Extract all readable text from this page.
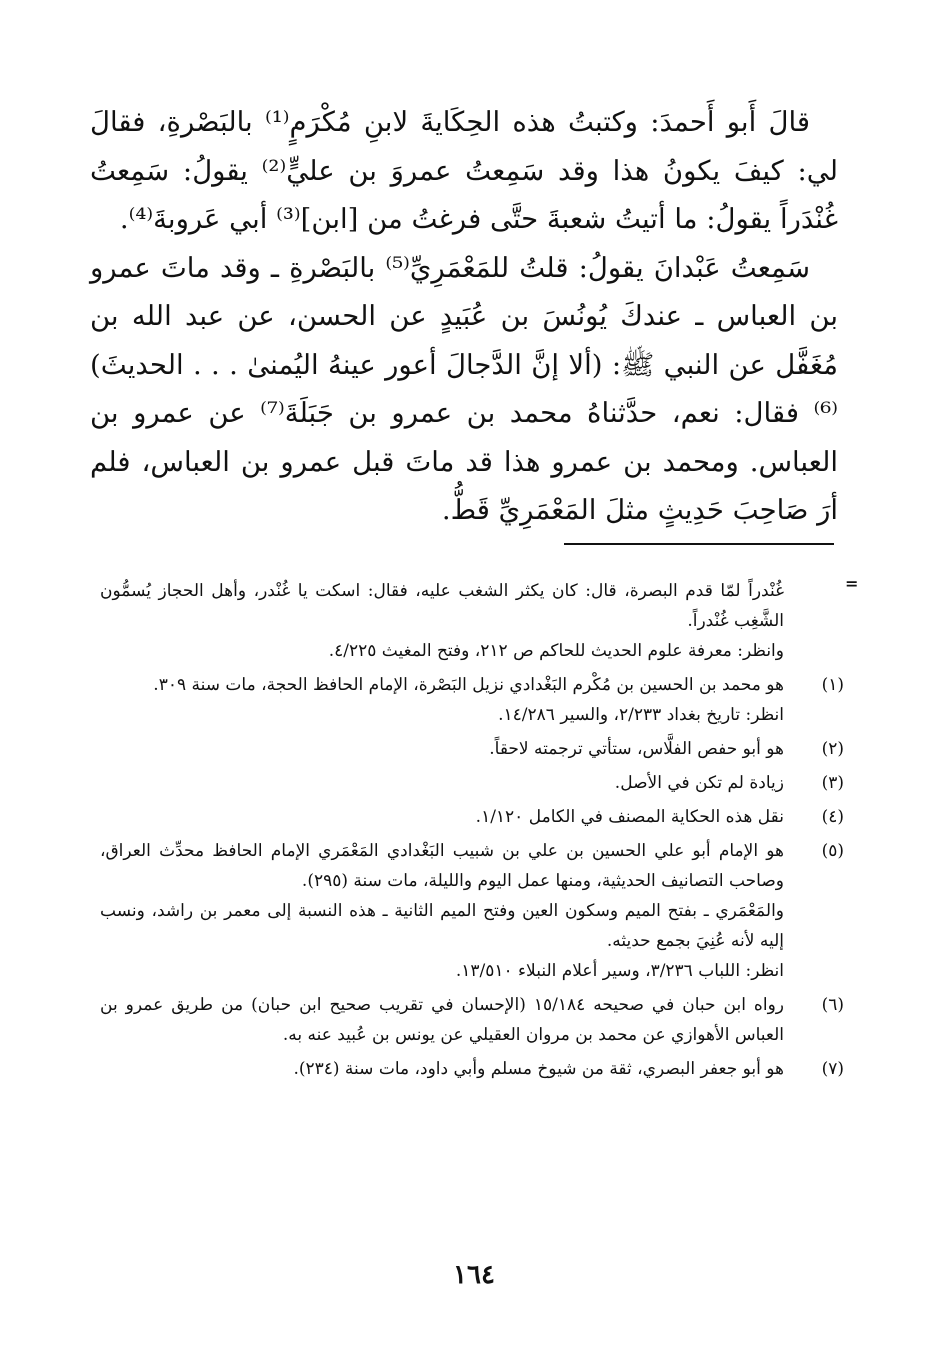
قالَ أَبو أَحمدَ: وكتبتُ هذه الحِكَايةَ لابنِ مُكْرَمٍ⁽¹⁾ بالبَصْرةِ، فقالَ لي: كيفَ يكونُ هذا وقد سَمِعتُ عمروَ بن عليٍّ⁽²⁾ يقولُ: سَمِعتُ غُنْدَراً يقولُ: ما أتيتُ شعبةَ حتَّى فرغتُ من [ابن]⁽³⁾ أبي عَروبةَ⁽⁴⁾.

سَمِعتُ عَبْدانَ يقولُ: قلتُ للمَعْمَرِيِّ⁽⁵⁾ بالبَصْرةِ ـ وقد ماتَ عمرو بن العباس ـ عندكَ يُونُسَ بن عُبَيدٍ عن الحسن، عن عبد الله بن مُغَفَّل عن النبي ﷺ: (ألا إنَّ الدَّجالَ أعور عينهُ اليُمنىٰ . . . الحديثَ)⁽⁶⁾ فقال: نعم، حدَّثناهُ محمد بن عمرو بن جَبَلَةَ⁽⁷⁾ عن عمرو بن العباس. ومحمد بن عمرو هذا قد ماتَ قبل عمرو بن العباس، فلم أرَ صَاحِبَ حَدِيثٍ مثلَ المَعْمَرِيِّ قَطُّ.

=
غُنْدراً لمّا قدم البصرة، قال: كان يكثر الشغب عليه، فقال: اسكت يا غُنْدر، وأهل الحجاز يُسمُّون الشَّغِب غُنْدراً.
وانظر: معرفة علوم الحديث للحاكم ص ٢١٢، وفتح المغيث ٤/٢٢٥.
(١)
هو محمد بن الحسين بن مُكْرم البَغْدادي نزيل البَصْرة، الإمام الحافظ الحجة، مات سنة ٣٠٩.
انظر: تاريخ بغداد ٢/٢٣٣، والسير ١٤/٢٨٦.
(٢)
هو أبو حفص الفلَّاس، ستأتي ترجمته لاحقاً.
(٣)
زيادة لم تكن في الأصل.
(٤)
نقل هذه الحكاية المصنف في الكامل ١/١٢٠.
(٥)
هو الإمام أبو علي الحسين بن علي بن شبيب البَغْدادي المَعْمَري الإمام الحافظ محدِّث العراق، وصاحب التصانيف الحديثية، ومنها عمل اليوم والليلة، مات سنة (٢٩٥).
والمَعْمَري ـ بفتح الميم وسكون العين وفتح الميم الثانية ـ هذه النسبة إلى معمر بن راشد، ونسب إليه لأنه عُنِيَ بجمع حديثه.
انظر: اللباب ٣/٢٣٦، وسير أعلام النبلاء ١٣/٥١٠.
(٦)
رواه ابن حبان في صحيحه ١٥/١٨٤ (الإحسان في تقريب صحيح ابن حبان) من طريق عمرو بن العباس الأهوازي عن محمد بن مروان العقيلي عن يونس بن عُبيد عنه به.
(٧)
هو أبو جعفر البصري، ثقة من شيوخ مسلم وأبي داود، مات سنة (٢٣٤).
١٦٤
